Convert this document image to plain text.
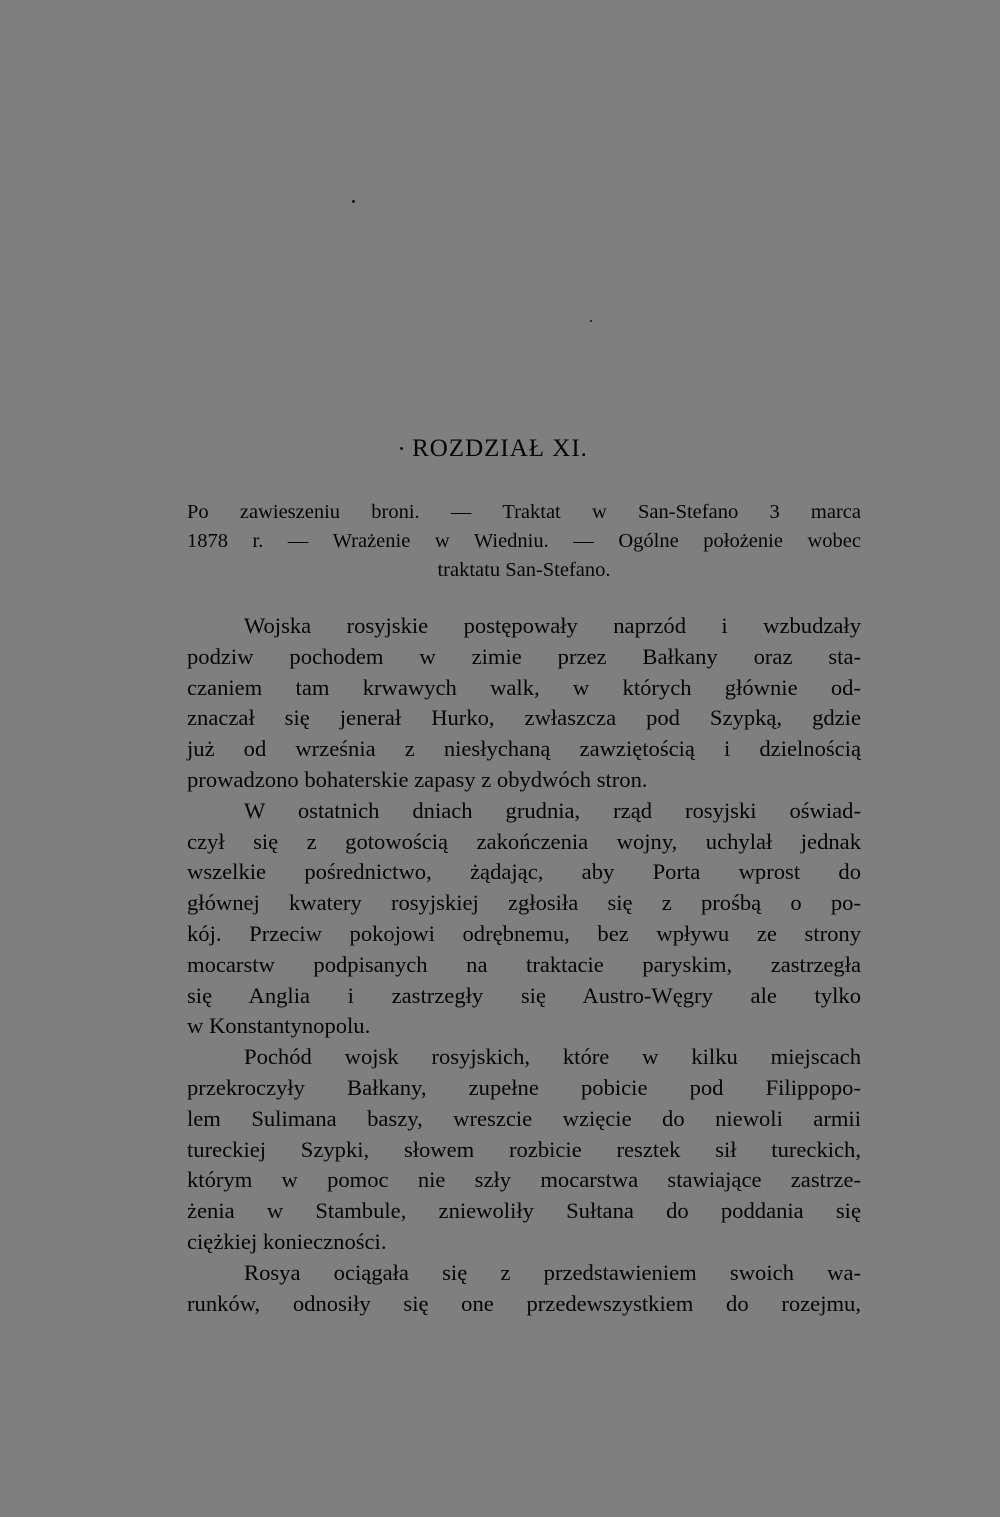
ROZDZIAŁ XI.
Po zawieszeniu broni. — Traktat w San-Stefano 3 marca
1878 r. — Wrażenie w Wiedniu. — Ogólne położenie wobec
traktatu San-Stefano.
Wojska rosyjskie postępowały naprzód i wzbudzały
podziw pochodem w zimie przez Bałkany oraz sta-
czaniem tam krwawych walk, w których głównie od-
znaczał się jenerał Hurko, zwłaszcza pod Szypką, gdzie
już od września z niesłychaną zawziętością i dzielnością
prowadzono bohaterskie zapasy z obydwóch stron.
W ostatnich dniach grudnia, rząd rosyjski oświad-
czył się z gotowością zakończenia wojny, uchylał jednak
wszelkie pośrednictwo, żądając, aby Porta wprost do
głównej kwatery rosyjskiej zgłosiła się z prośbą o po-
kój. Przeciw pokojowi odrębnemu, bez wpływu ze strony
mocarstw podpisanych na traktacie paryskim, zastrzegła
się Anglia i zastrzegły się Austro-Węgry ale tylko
w Konstantynopolu.
Pochód wojsk rosyjskich, które w kilku miejscach
przekroczyły Bałkany, zupełne pobicie pod Filippopo-
lem Sulimana baszy, wreszcie wzięcie do niewoli armii
tureckiej Szypki, słowem rozbicie resztek sił tureckich,
którym w pomoc nie szły mocarstwa stawiające zastrze-
żenia w Stambule, zniewoliły Sułtana do poddania się
ciężkiej konieczności.
Rosya ociągała się z przedstawieniem swoich wa-
runków, odnosiły się one przedewszystkiem do rozejmu,
